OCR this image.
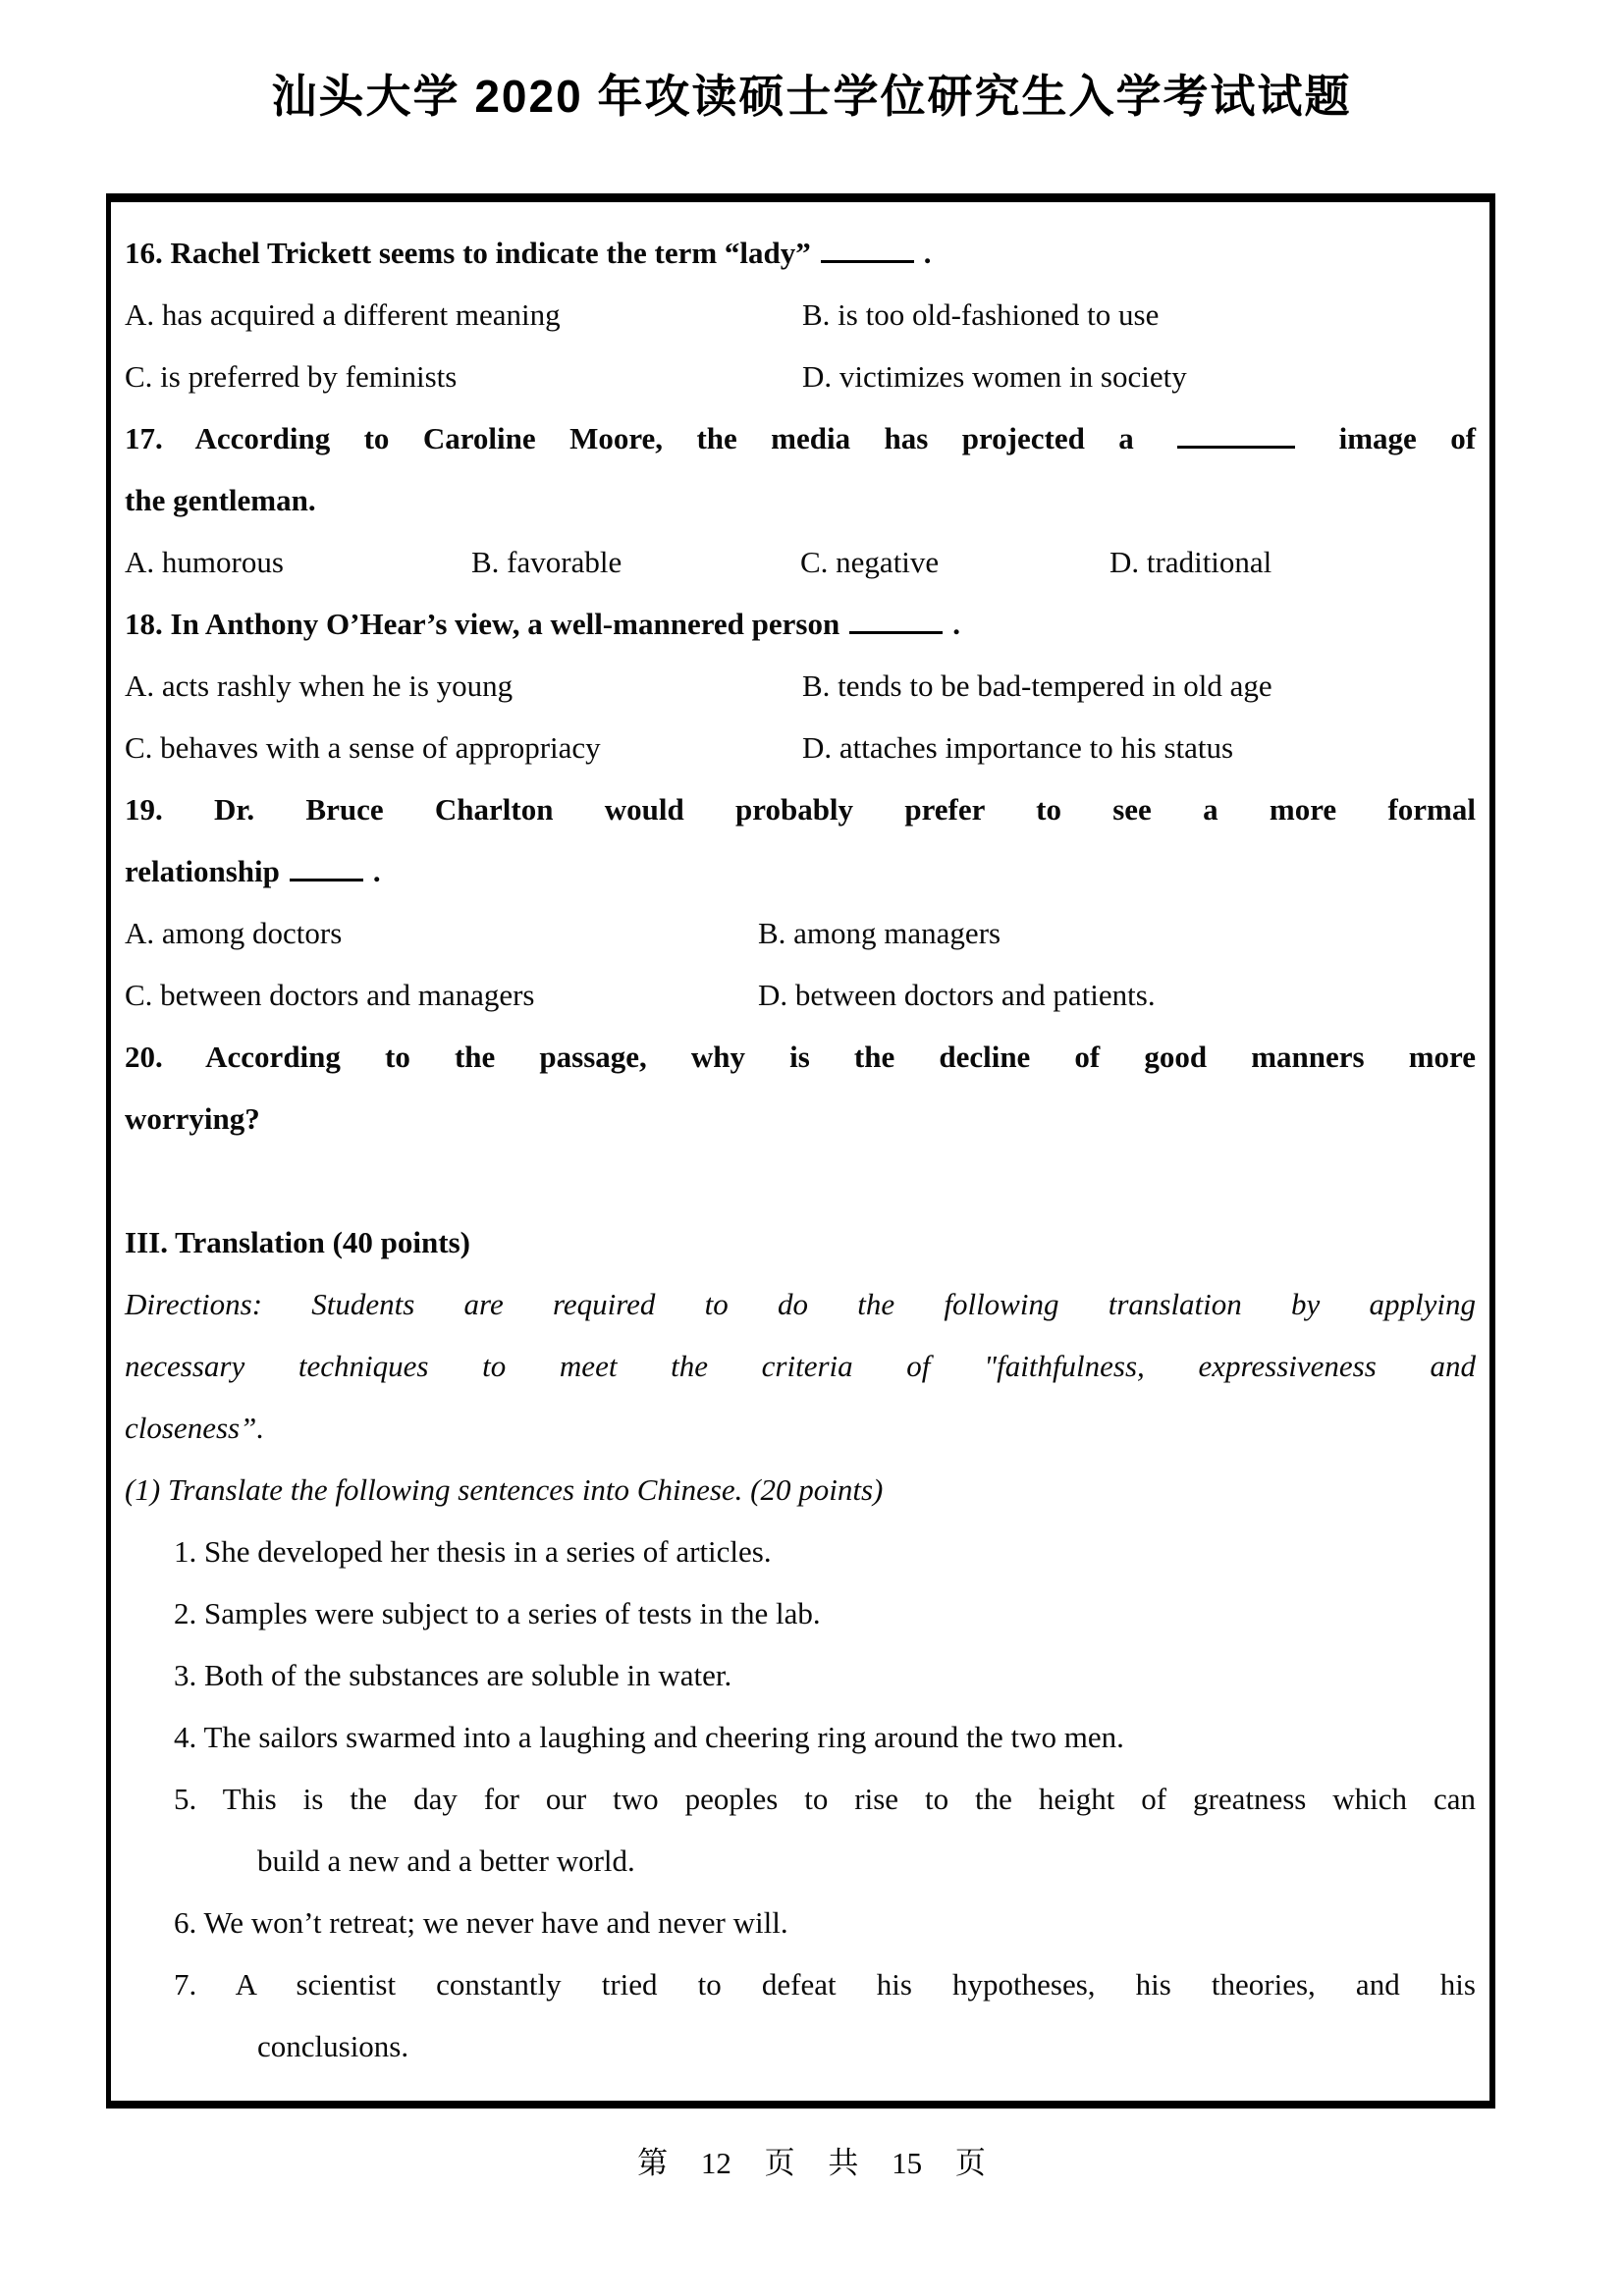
汕头大学 2020 年攻读硕士学位研究生入学考试试题
16. Rachel Trickett seems to indicate the term “lady”	.
A. has acquired a different meaning	B. is too old-fashioned to use
C. is preferred by feminists	D. victimizes women in society
17. According to Caroline Moore, the media has projected a	image of
the gentleman.
A. humorous	B. favorable	C. negative	D. traditional
18. In Anthony O’Hear’s view, a well-mannered person	.
A. acts rashly when he is young	B. tends to be bad-tempered in old age
C. behaves with a sense of appropriacy	D. attaches importance to his status
19. Dr. Bruce Charlton would probably prefer to see a more formal
relationship	.
A. among doctors	B. among managers
C. between doctors and managers	D. between doctors and patients.
20. According to the passage, why is the decline of good manners more
worrying?
III. Translation (40 points)
Directions: Students are required to do the following translation by applying
necessary techniques to meet the criteria of "faithfulness, expressiveness and
closeness”.
(1) Translate the following sentences into Chinese. (20 points)
1. She developed her thesis in a series of articles.
2. Samples were subject to a series of tests in the lab.
3. Both of the substances are soluble in water.
4. The sailors swarmed into a laughing and cheering ring around the two men.
5. This is the day for our two peoples to rise to the height of greatness which can
build a new and a better world.
6. We won’t retreat; we never have and never will.
7. A scientist constantly tried to defeat his hypotheses, his theories, and his
conclusions.
第 12 页 共 15 页
